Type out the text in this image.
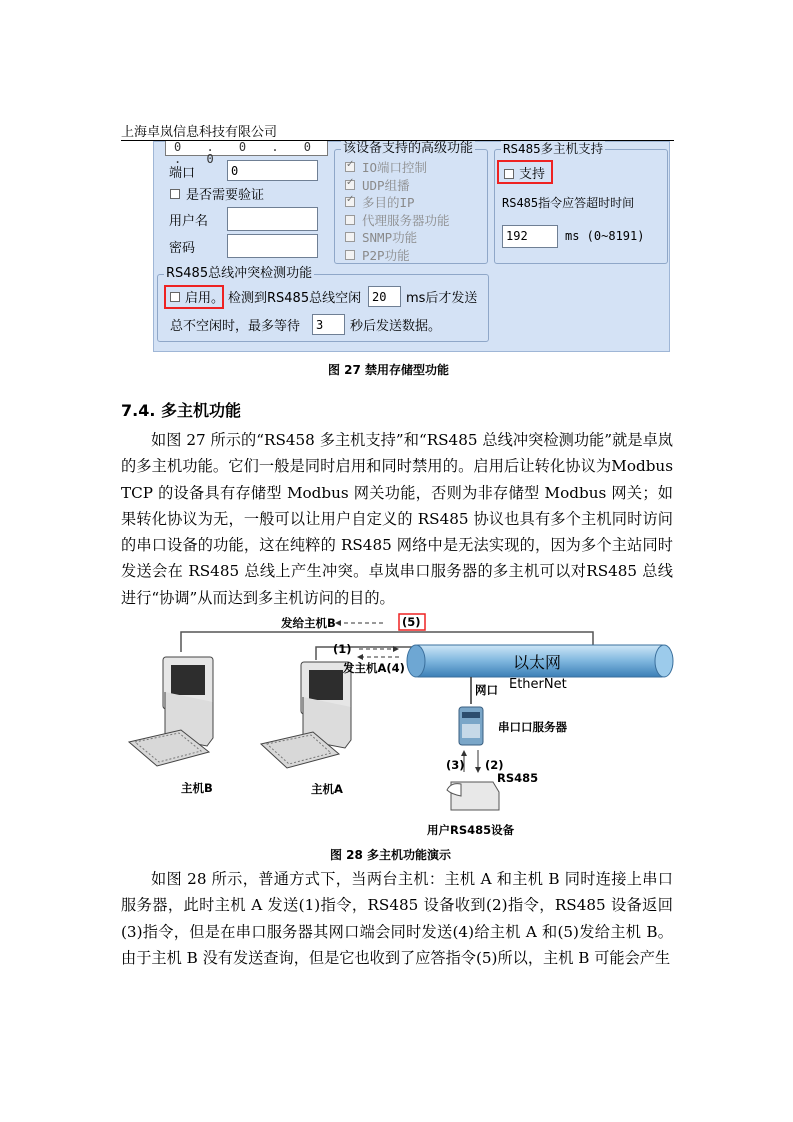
上海卓岚信息科技有限公司
0 . 0 . 0 . 0
端口	0
是否需要验证
用户名
密码
该设备支持的高级功能
✓
IO端口控制
✓
UDP组播
✓
多目的IP
代理服务器功能
SNMP功能
P2P功能
RS485多主机支持
支持
RS485指令应答超时时间
192	ms (0~8191)
RS485总线冲突检测功能
启用。 检测到RS485总线空闲 20	ms后才发送
总不空闲时，最多等待	3	秒后发送数据。
图 27 禁用存储型功能
7.4. 多主机功能

如图 27 所示的“RS458 多主机支持”和“RS485 总线冲突检测功能”就是卓岚的多主机功能。它们一般是同时启用和同时禁用的。启用后让转化协议为Modbus TCP 的设备具有存储型 Modbus 网关功能，否则为非存储型 Modbus 网关；如果转化协议为无，一般可以让用户自定义的 RS485 协议也具有多个主机同时访问的串口设备的功能，这在纯粹的 RS485 网络中是无法实现的，因为多个主站同时发送会在 RS485 总线上产生冲突。卓岚串口服务器的多主机可以对RS485 总线进行“协调”从而达到多主机访问的目的。

发给主机B	(5)
(1)
发主机A(4)	以太网
EtherNet
网口
串口口服务器
(3) (2)
RS485
主机B	主机A
用户RS485设备
图 28 多主机功能演示

如图 28 所示，普通方式下，当两台主机：主机 A 和主机 B 同时连接上串口服务器，此时主机 A 发送(1)指令，RS485 设备收到(2)指令，RS485 设备返回(3)指令，但是在串口服务器其网口端会同时发送(4)给主机 A 和(5)发给主机 B。由于主机 B 没有发送查询，但是它也收到了应答指令(5)所以，主机 B 可能会产生
